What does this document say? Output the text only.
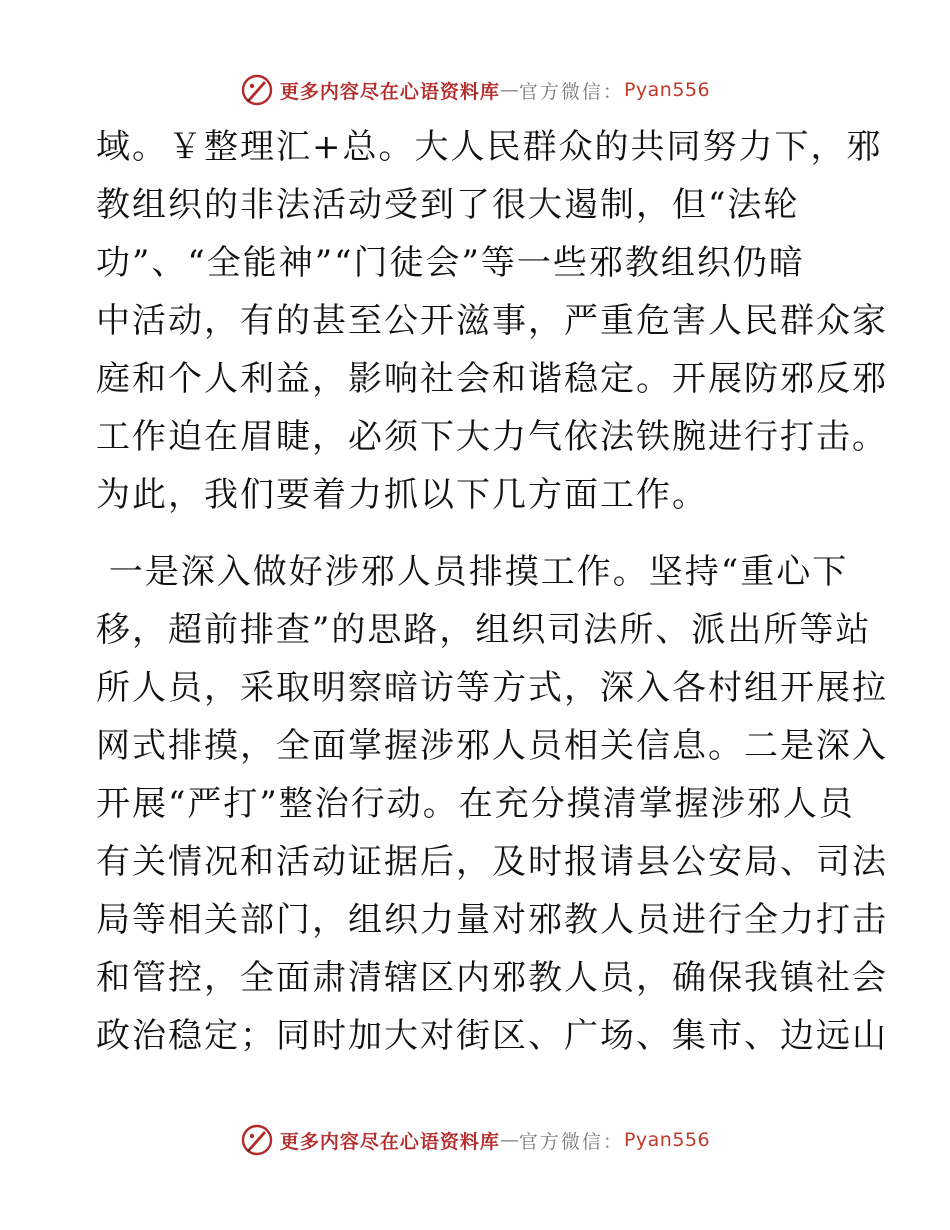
更多内容尽在心语资料库 — 官方微信： Pyan556
域。￥整理汇+总。大人民群众的共同努力下，邪
教组织的非法活动受到了很大遏制，但“法轮
功”、“全能神”“门徒会”等一些邪教组织仍暗
中活动，有的甚至公开滋事，严重危害人民群众家
庭和个人利益，影响社会和谐稳定。开展防邪反邪
工作迫在眉睫，必须下大力气依法铁腕进行打击。
为此，我们要着力抓以下几方面工作。
一是深入做好涉邪人员排摸工作。坚持“重心下
移，超前排查”的思路，组织司法所、派出所等站
所人员，采取明察暗访等方式，深入各村组开展拉
网式排摸，全面掌握涉邪人员相关信息。二是深入
开展“严打”整治行动。在充分摸清掌握涉邪人员
有关情况和活动证据后，及时报请县公安局、司法
局等相关部门，组织力量对邪教人员进行全力打击
和管控，全面肃清辖区内邪教人员，确保我镇社会
政治稳定；同时加大对街区、广场、集市、边远山
更多内容尽在心语资料库 — 官方微信： Pyan556
